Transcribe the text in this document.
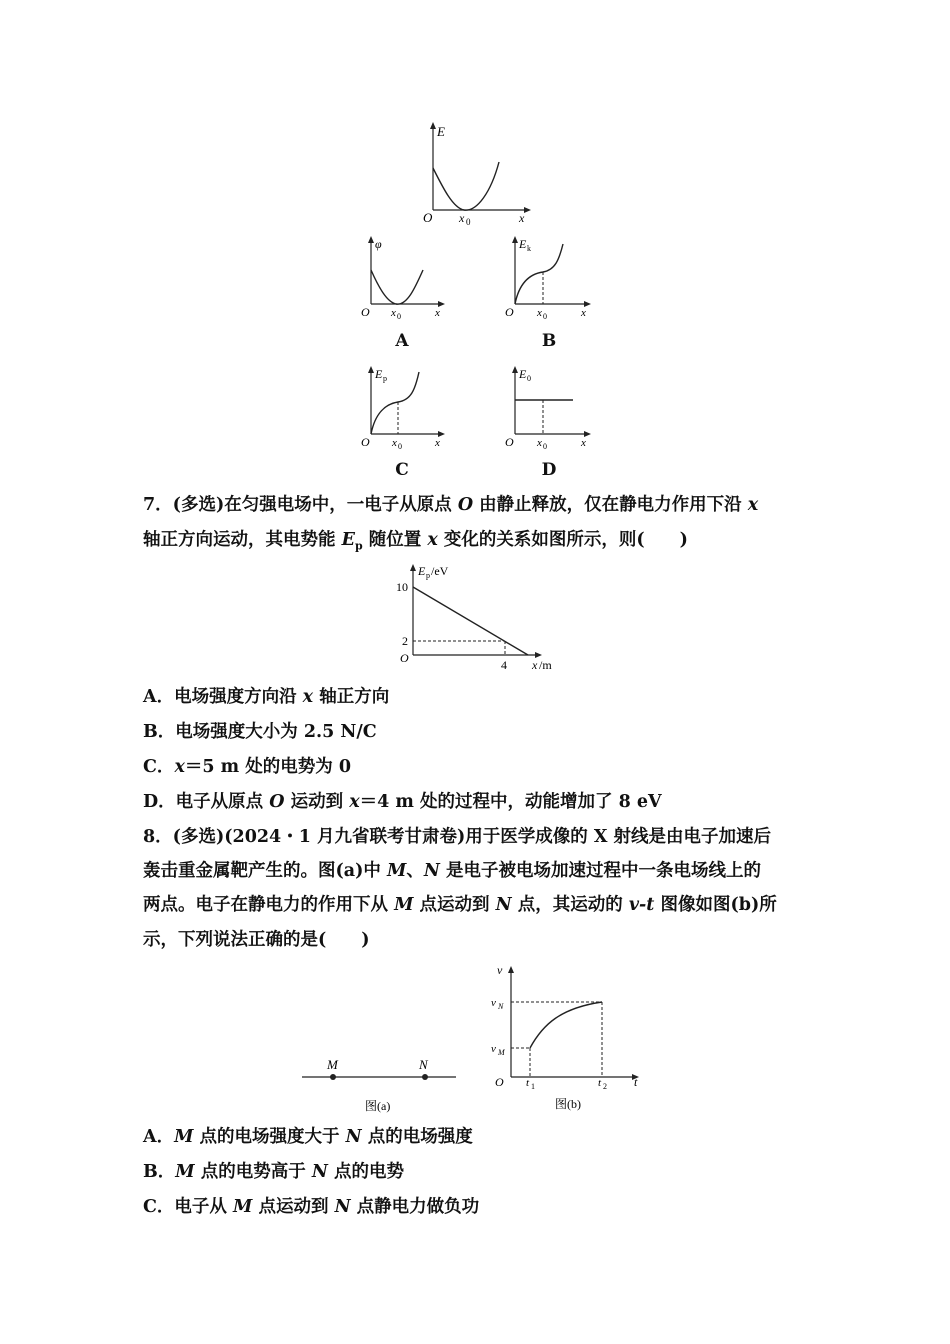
E
O x 0	x
φ
O x 0	x
A
E k
O x 0	x
B
E p
O x 0	x
C
E 0
O x 0	x
D
7．(多选)在匀强电场中，一电子从原点 O 由静止释放，仅在静电力作用下沿 x
轴正方向运动，其电势能 $E_p$ 随位置 x 变化的关系如图所示，则(　　)
E p /eV
10
2
O	4 x /m
A．电场强度方向沿 x 轴正方向
B．电场强度大小为 2.5 N/C
C．x＝5 m 处的电势为 0
D．电子从原点 O 运动到 x＝4 m 处的过程中，动能增加了 8 eV
8．(多选)(2024・1 月九省联考甘肃卷)用于医学成像的 X 射线是由电子加速后
轰击重金属靶产生的。图(a)中 M、N 是电子被电场加速过程中一条电场线上的
两点。电子在静电力的作用下从 M 点运动到 N 点，其运动的 v-t 图像如图(b)所
示，下列说法正确的是(　　)
M	N
图(a)
v
v N
v M
O t 1	t 2 t
图(b)
A．M 点的电场强度大于 N 点的电场强度
B．M 点的电势高于 N 点的电势
C．电子从 M 点运动到 N 点静电力做负功
